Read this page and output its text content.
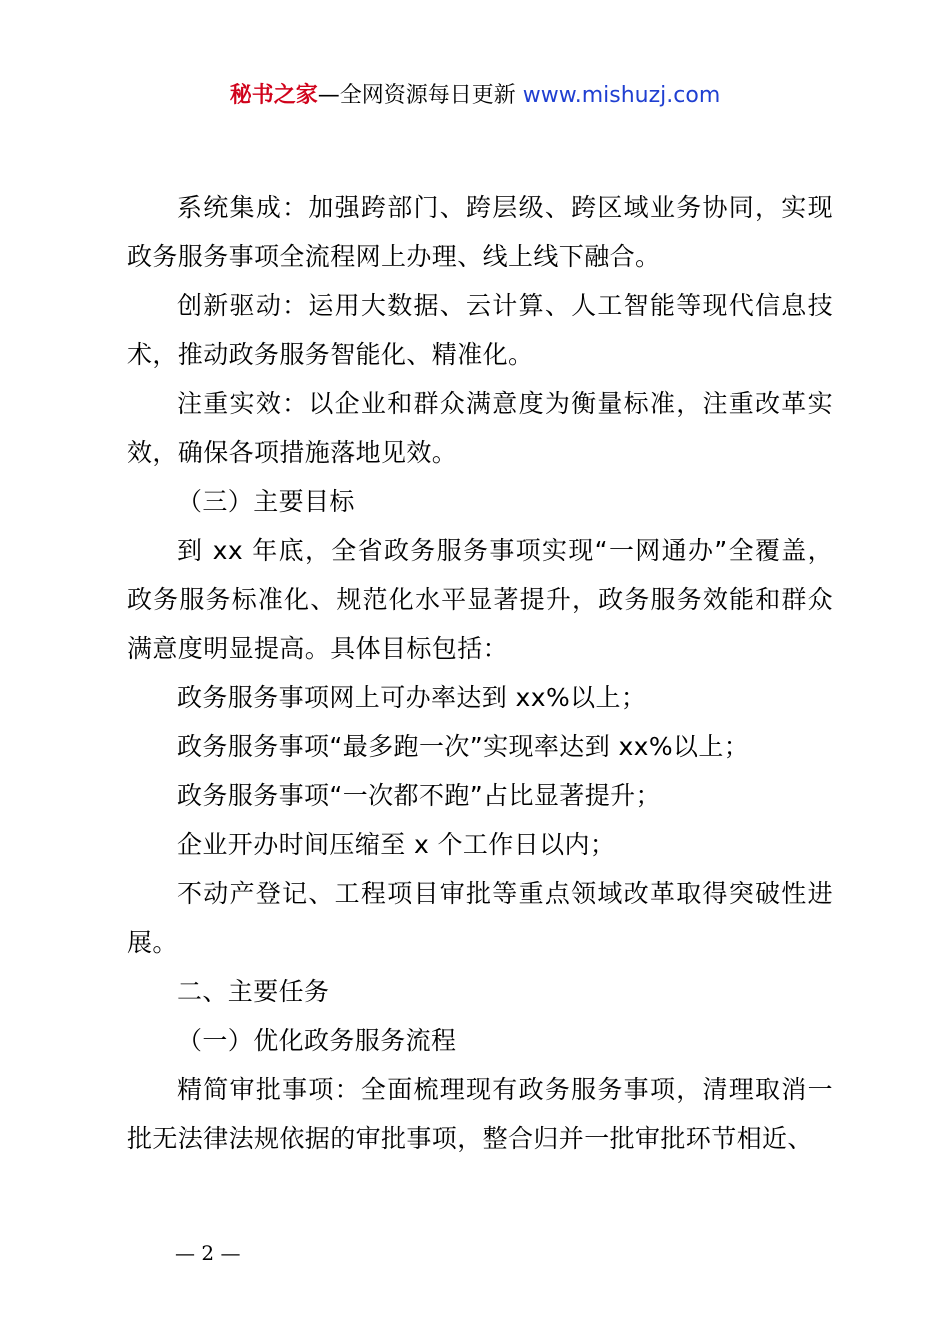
秘书之家—全网资源每日更新 www.mishuzj.com

系统集成：加强跨部门、跨层级、跨区域业务协同，实现政务服务事项全流程网上办理、线上线下融合。

创新驱动：运用大数据、云计算、人工智能等现代信息技术，推动政务服务智能化、精准化。

注重实效：以企业和群众满意度为衡量标准，注重改革实效，确保各项措施落地见效。

（三）主要目标

到 xx 年底，全省政务服务事项实现“一网通办”全覆盖，政务服务标准化、规范化水平显著提升，政务服务效能和群众满意度明显提高。具体目标包括：

政务服务事项网上可办率达到 xx%以上；

政务服务事项“最多跑一次”实现率达到 xx%以上；

政务服务事项“一次都不跑”占比显著提升；

企业开办时间压缩至 x 个工作日以内；

不动产登记、工程项目审批等重点领域改革取得突破性进展。

二、主要任务

（一）优化政务服务流程

精简审批事项：全面梳理现有政务服务事项，清理取消一批无法律法规依据的审批事项，整合归并一批审批环节相近、

— 2 —
